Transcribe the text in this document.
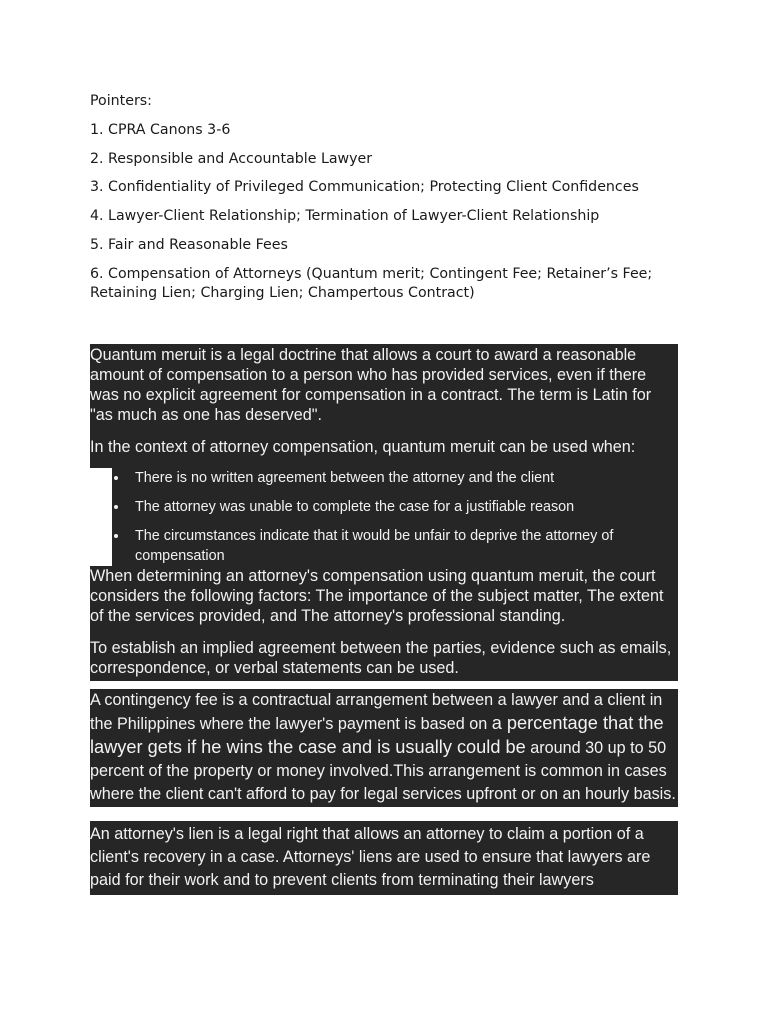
Pointers:

1. CPRA Canons 3-6

2. Responsible and Accountable Lawyer

3. Confidentiality of Privileged Communication; Protecting Client Confidences

4. Lawyer-Client Relationship; Termination of Lawyer-Client Relationship

5. Fair and Reasonable Fees

6. Compensation of Attorneys (Quantum merit; Contingent Fee; Retainer’s Fee; Retaining Lien; Charging Lien; Champertous Contract)

Quantum meruit is a legal doctrine that allows a court to award a reasonable amount of compensation to a person who has provided services, even if there was no explicit agreement for compensation in a contract. The term is Latin for "as much as one has deserved".

In the context of attorney compensation, quantum meruit can be used when:

There is no written agreement between the attorney and the client
The attorney was unable to complete the case for a justifiable reason
The circumstances indicate that it would be unfair to deprive the attorney of compensation

When determining an attorney's compensation using quantum meruit, the court considers the following factors: The importance of the subject matter, The extent of the services provided, and The attorney's professional standing.

To establish an implied agreement between the parties, evidence such as emails, correspondence, or verbal statements can be used.

A contingency fee is a contractual arrangement between a lawyer and a client in the Philippines where the lawyer's payment is based on a percentage that the lawyer gets if he wins the case and is usually could be around 30 up to 50 percent of the property or money involved.This arrangement is common in cases where the client can't afford to pay for legal services upfront or on an hourly basis.

An attorney's lien is a legal right that allows an attorney to claim a portion of a client's recovery in a case. Attorneys' liens are used to ensure that lawyers are paid for their work and to prevent clients from terminating their lawyers
